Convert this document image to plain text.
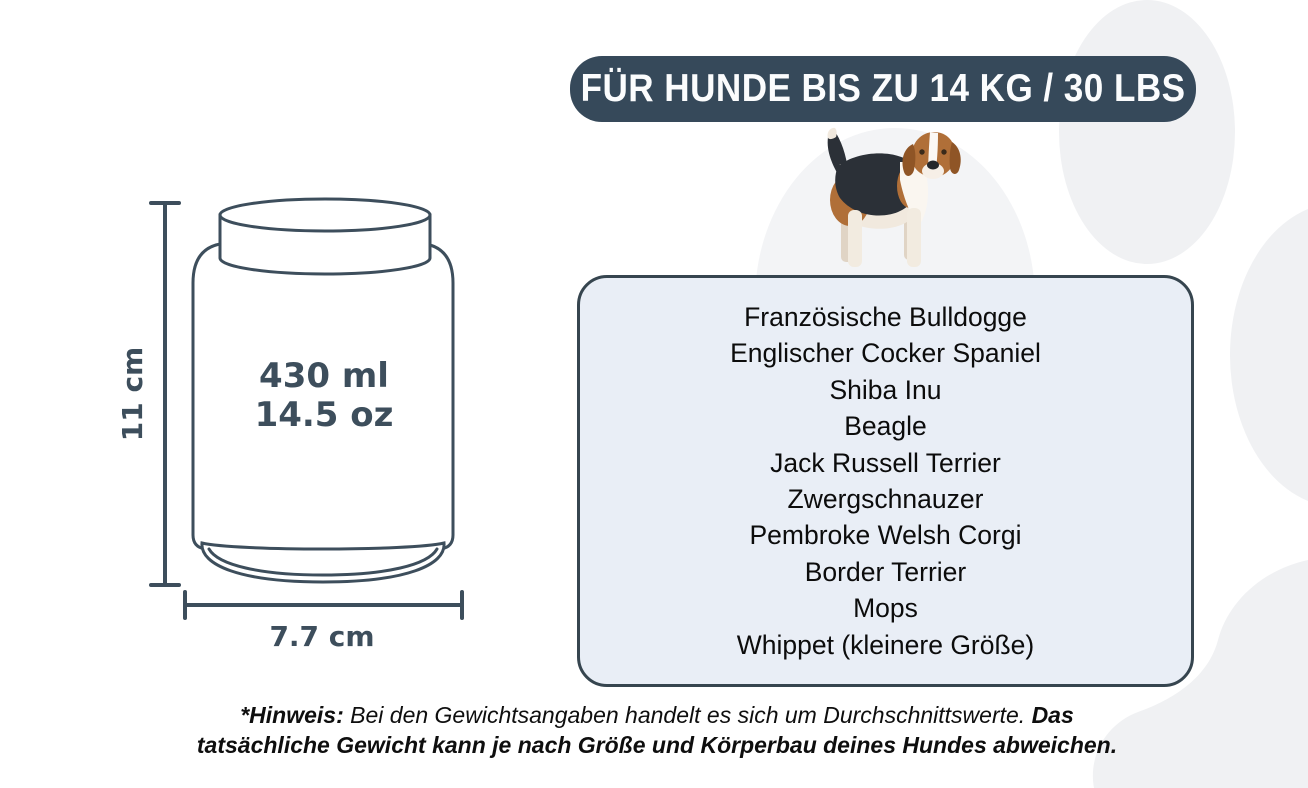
FÜR HUNDE BIS ZU 14 KG / 30 LBS
11 cm	430 ml
14.5 oz
7.7 cm
Französische Bulldogge
Englischer Cocker Spaniel
Shiba Inu
Beagle
Jack Russell Terrier
Zwergschnauzer
Pembroke Welsh Corgi
Border Terrier
Mops
Whippet (kleinere Größe)
*Hinweis: Bei den Gewichtsangaben handelt es sich um Durchschnittswerte. Das
tatsächliche Gewicht kann je nach Größe und Körperbau deines Hundes abweichen.
